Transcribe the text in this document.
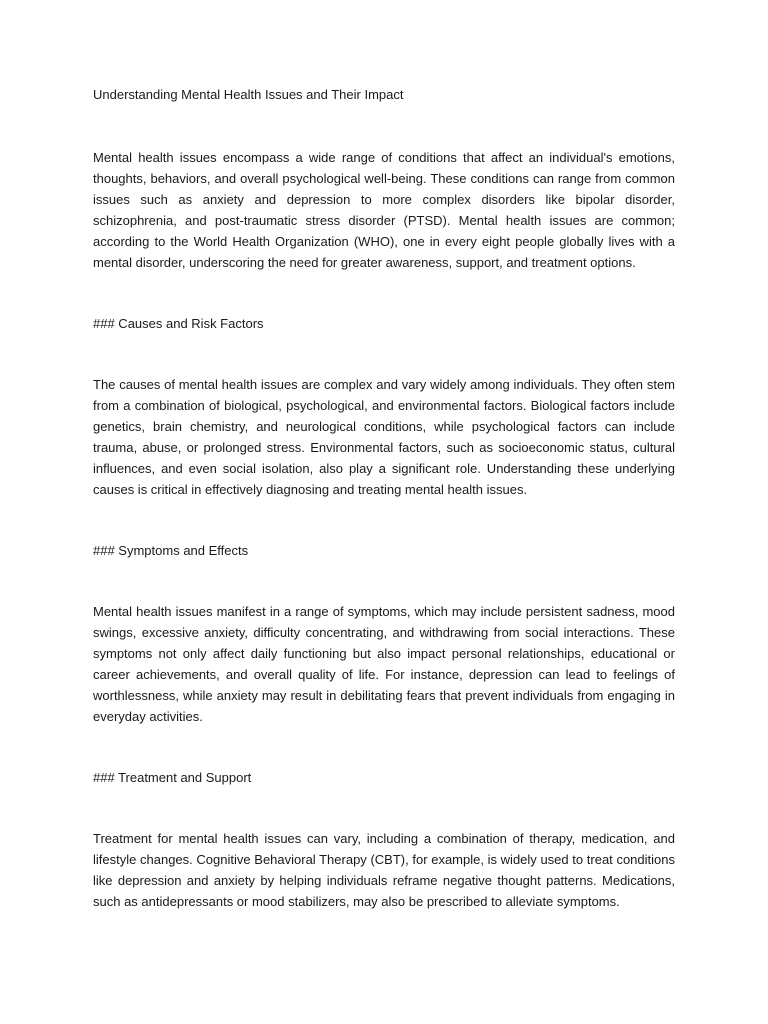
Understanding Mental Health Issues and Their Impact

Mental health issues encompass a wide range of conditions that affect an individual's emotions, thoughts, behaviors, and overall psychological well-being. These conditions can range from common issues such as anxiety and depression to more complex disorders like bipolar disorder, schizophrenia, and post-traumatic stress disorder (PTSD). Mental health issues are common; according to the World Health Organization (WHO), one in every eight people globally lives with a mental disorder, underscoring the need for greater awareness, support, and treatment options.

### Causes and Risk Factors

The causes of mental health issues are complex and vary widely among individuals. They often stem from a combination of biological, psychological, and environmental factors. Biological factors include genetics, brain chemistry, and neurological conditions, while psychological factors can include trauma, abuse, or prolonged stress. Environmental factors, such as socioeconomic status, cultural influences, and even social isolation, also play a significant role. Understanding these underlying causes is critical in effectively diagnosing and treating mental health issues.

### Symptoms and Effects

Mental health issues manifest in a range of symptoms, which may include persistent sadness, mood swings, excessive anxiety, difficulty concentrating, and withdrawing from social interactions. These symptoms not only affect daily functioning but also impact personal relationships, educational or career achievements, and overall quality of life. For instance, depression can lead to feelings of worthlessness, while anxiety may result in debilitating fears that prevent individuals from engaging in everyday activities.

### Treatment and Support

Treatment for mental health issues can vary, including a combination of therapy, medication, and lifestyle changes. Cognitive Behavioral Therapy (CBT), for example, is widely used to treat conditions like depression and anxiety by helping individuals reframe negative thought patterns. Medications, such as antidepressants or mood stabilizers, may also be prescribed to alleviate symptoms.
